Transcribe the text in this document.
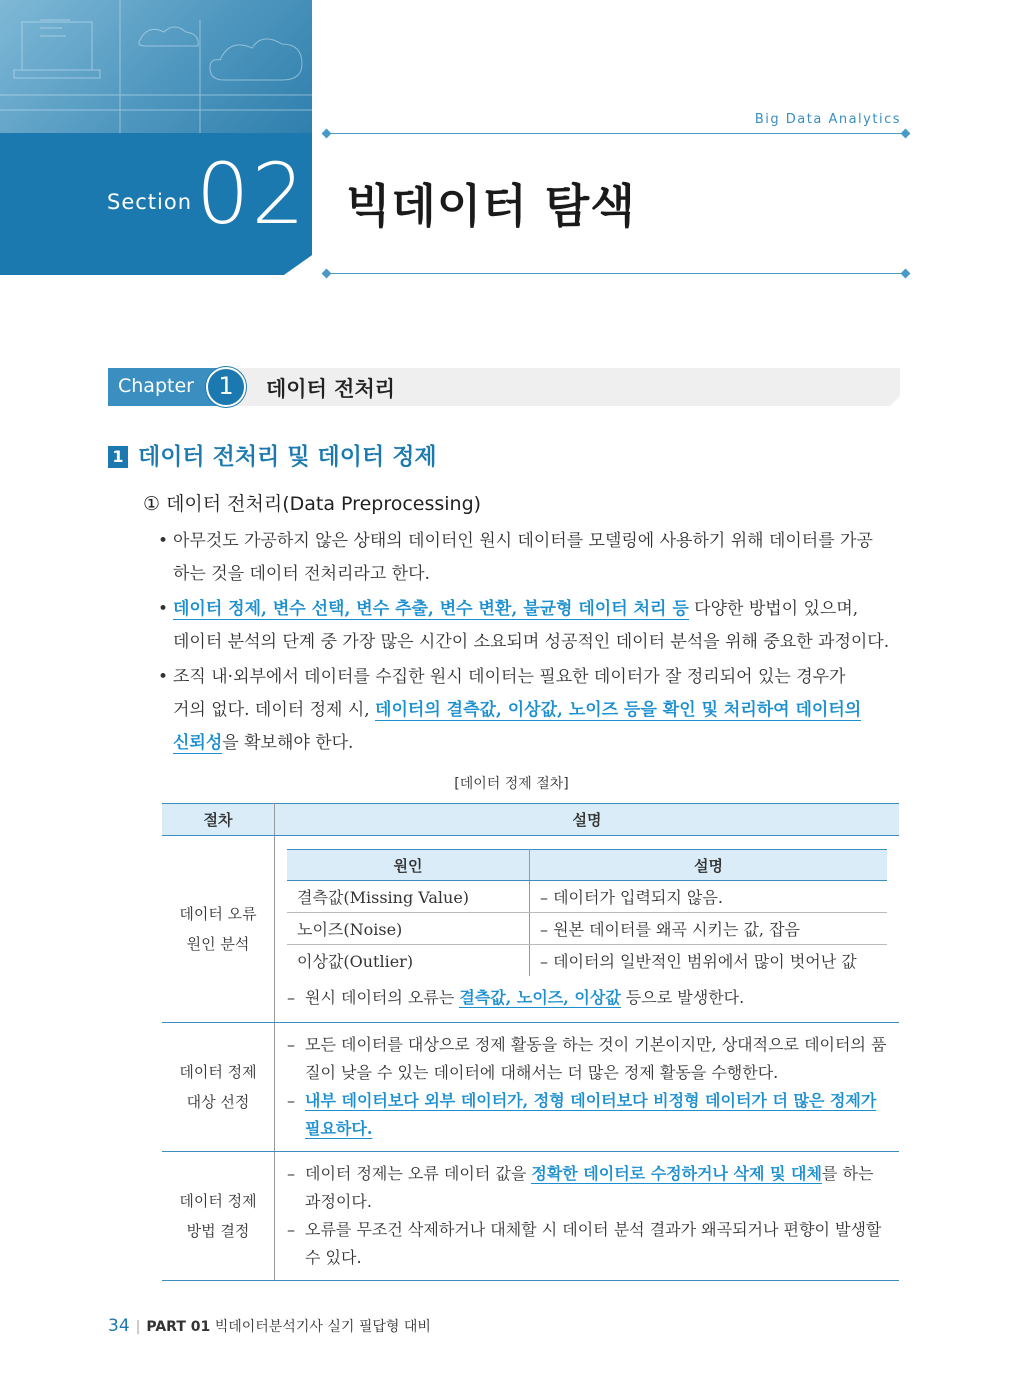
Section 02
Big Data Analytics
빅데이터 탐색
Chapter	1	데이터 전처리
1 데이터 전처리 및 데이터 정제
① 데이터 전처리(Data Preprocessing)
• 아무것도 가공하지 않은 상태의 데이터인 원시 데이터를 모델링에 사용하기 위해 데이터를 가공
하는 것을 데이터 전처리라고 한다.
• 데이터 정제, 변수 선택, 변수 추출, 변수 변환, 불균형 데이터 처리 등 다양한 방법이 있으며,
데이터 분석의 단계 중 가장 많은 시간이 소요되며 성공적인 데이터 분석을 위해 중요한 과정이다.
• 조직 내·외부에서 데이터를 수집한 원시 데이터는 필요한 데이터가 잘 정리되어 있는 경우가
거의 없다. 데이터 정제 시, 데이터의 결측값, 이상값, 노이즈 등을 확인 및 처리하여 데이터의
신뢰성을 확보해야 한다.
[데이터 정제 절차]
절차	설명

데이터 오류
원인 분석

원인	설명
결측값(Missing Value)	– 데이터가 입력되지 않음.
노이즈(Noise)	– 원본 데이터를 왜곡 시키는 값, 잡음
이상값(Outlier)	– 데이터의 일반적인 범위에서 많이 벗어난 값
– 원시 데이터의 오류는 결측값, 노이즈, 이상값 등으로 발생한다.

데이터 정제
대상 선정

– 모든 데이터를 대상으로 정제 활동을 하는 것이 기본이지만, 상대적으로 데이터의 품질이 낮을 수 있는 데이터에 대해서는 더 많은 정제 활동을 수행한다.
– 내부 데이터보다 외부 데이터가, 정형 데이터보다 비정형 데이터가 더 많은 정제가 필요하다.

데이터 정제
방법 결정

– 데이터 정제는 오류 데이터 값을 정확한 데이터로 수정하거나 삭제 및 대체를 하는 과정이다.
– 오류를 무조건 삭제하거나 대체할 시 데이터 분석 결과가 왜곡되거나 편향이 발생할 수 있다.
34 | PART 01 빅데이터분석기사 실기 필답형 대비
